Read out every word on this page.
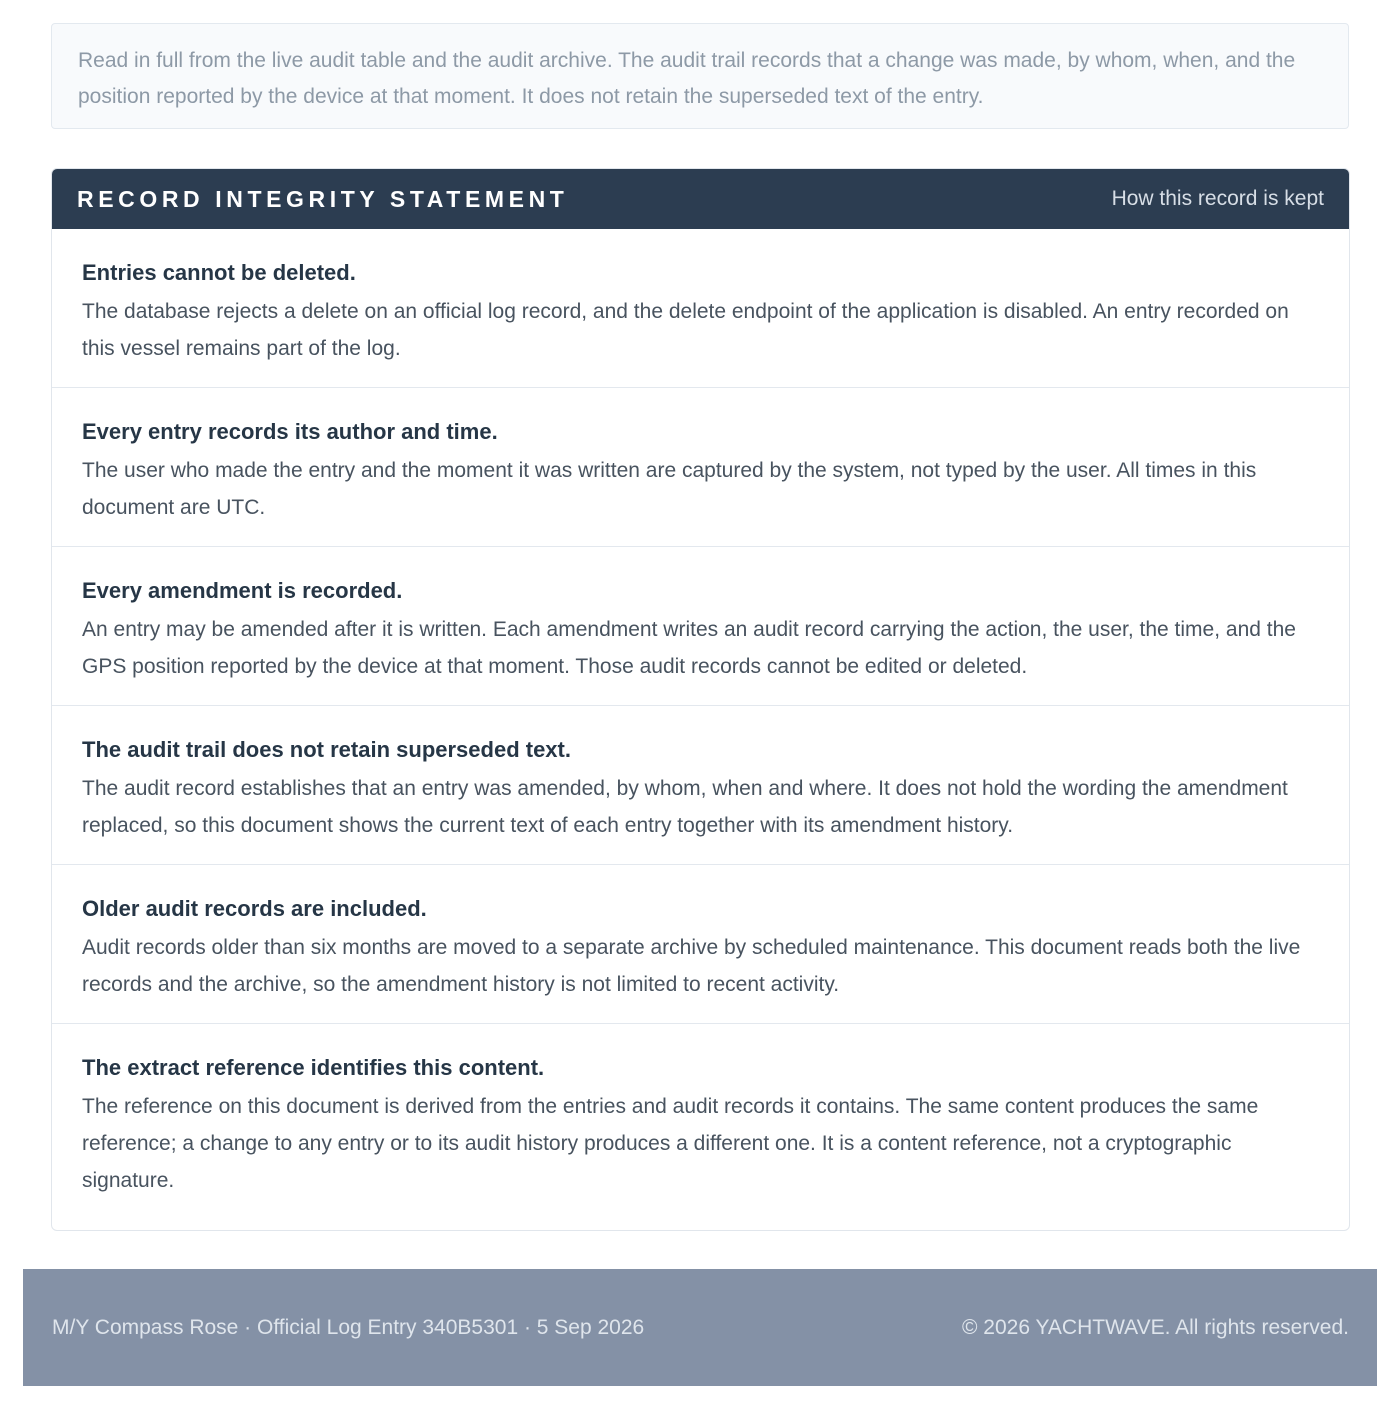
Read in full from the live audit table and the audit archive. The audit trail records that a change was made, by whom, when, and the position reported by the device at that moment. It does not retain the superseded text of the entry.

RECORD INTEGRITY STATEMENT	How this record is kept

Entries cannot be deleted.

The database rejects a delete on an official log record, and the delete endpoint of the application is disabled. An entry recorded on this vessel remains part of the log.

Every entry records its author and time.

The user who made the entry and the moment it was written are captured by the system, not typed by the user. All times in this document are UTC.

Every amendment is recorded.

An entry may be amended after it is written. Each amendment writes an audit record carrying the action, the user, the time, and the GPS position reported by the device at that moment. Those audit records cannot be edited or deleted.

The audit trail does not retain superseded text.

The audit record establishes that an entry was amended, by whom, when and where. It does not hold the wording the amendment replaced, so this document shows the current text of each entry together with its amendment history.

Older audit records are included.

Audit records older than six months are moved to a separate archive by scheduled maintenance. This document reads both the live records and the archive, so the amendment history is not limited to recent activity.

The extract reference identifies this content.

The reference on this document is derived from the entries and audit records it contains. The same content produces the same reference; a change to any entry or to its audit history produces a different one. It is a content reference, not a cryptographic signature.

M/Y Compass Rose · Official Log Entry 340B5301 · 5 Sep 2026	© 2026 YACHTWAVE. All rights reserved.
